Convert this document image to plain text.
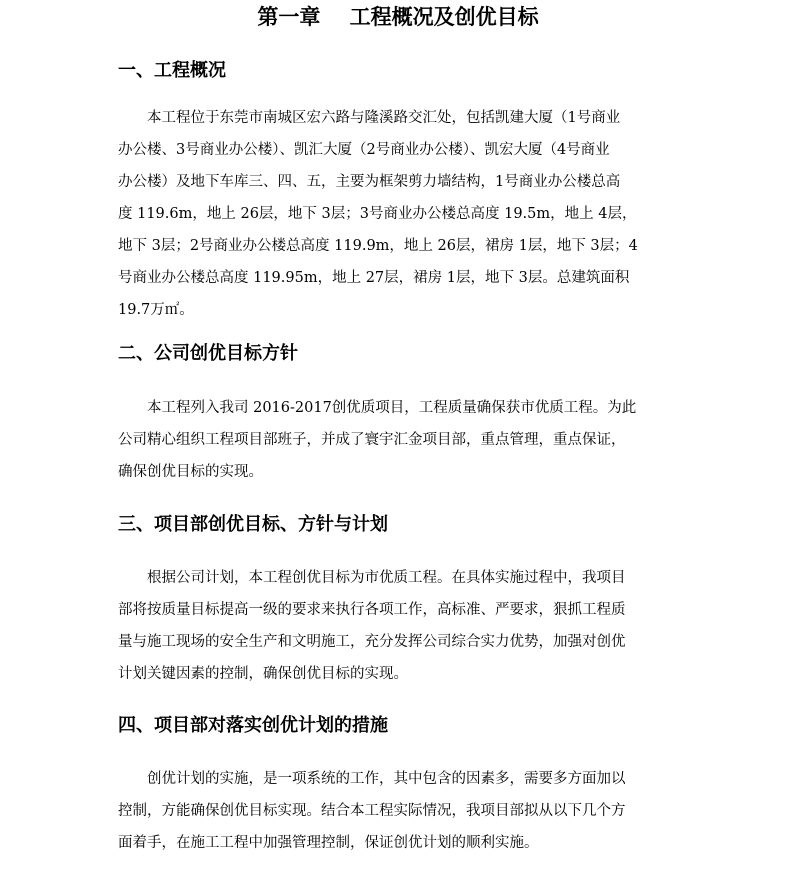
第一章    工程概况及创优目标
一、工程概况
　　本工程位于东莞市南城区宏六路与隆溪路交汇处，包括凯建大厦（1号商业
办公楼、3号商业办公楼）、凯汇大厦（2号商业办公楼）、凯宏大厦（4号商业
办公楼）及地下车库三、四、五，主要为框架剪力墙结构，1号商业办公楼总高
度 119.6m，地上 26层，地下 3层；3号商业办公楼总高度 19.5m，地上 4层，
地下 3层；2号商业办公楼总高度 119.9m，地上 26层，裙房 1层，地下 3层；4
号商业办公楼总高度 119.95m，地上 27层，裙房 1层，地下 3层。总建筑面积
19.7万㎡。
二、公司创优目标方针
　　本工程列入我司 2016-2017创优质项目，工程质量确保获市优质工程。为此
公司精心组织工程项目部班子，并成了寰宇汇金项目部，重点管理，重点保证，
确保创优目标的实现。
三、项目部创优目标、方针与计划
　　根据公司计划，本工程创优目标为市优质工程。在具体实施过程中，我项目
部将按质量目标提高一级的要求来执行各项工作，高标准、严要求，狠抓工程质
量与施工现场的安全生产和文明施工，充分发挥公司综合实力优势，加强对创优
计划关键因素的控制，确保创优目标的实现。
四、项目部对落实创优计划的措施
　　创优计划的实施，是一项系统的工作，其中包含的因素多，需要多方面加以
控制，方能确保创优目标实现。结合本工程实际情况，我项目部拟从以下几个方
面着手，在施工工程中加强管理控制，保证创优计划的顺利实施。
